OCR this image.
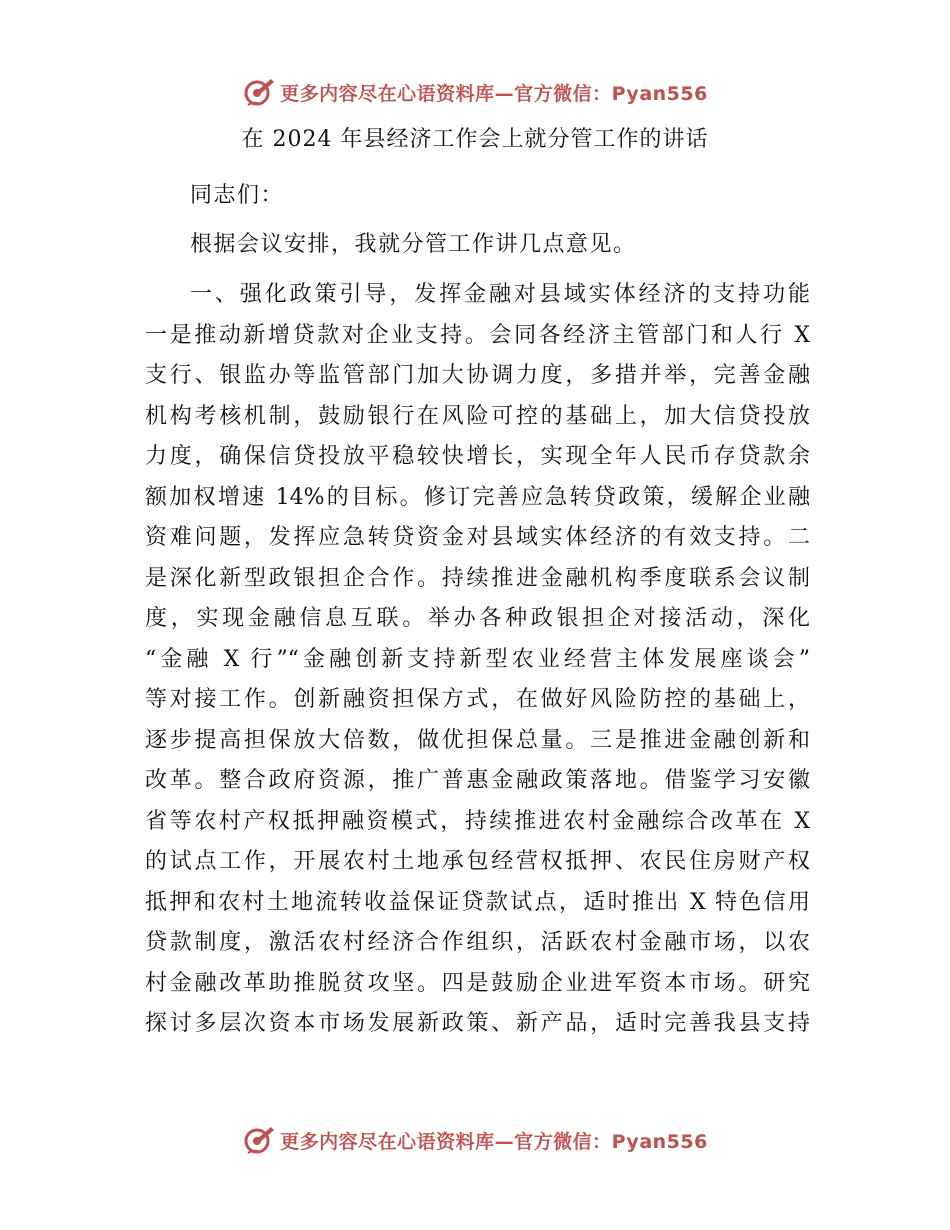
更多内容尽在心语资料库—官方微信：Pyan556
在 2024 年县经济工作会上就分管工作的讲话

同志们：

根据会议安排，我就分管工作讲几点意见。

一、强化政策引导，发挥金融对县域实体经济的支持功能
一是推动新增贷款对企业支持。会同各经济主管部门和人行 X
支行、银监办等监管部门加大协调力度，多措并举，完善金融
机构考核机制，鼓励银行在风险可控的基础上，加大信贷投放
力度，确保信贷投放平稳较快增长，实现全年人民币存贷款余
额加权增速 14%的目标。修订完善应急转贷政策，缓解企业融
资难问题，发挥应急转贷资金对县域实体经济的有效支持。二
是深化新型政银担企合作。持续推进金融机构季度联系会议制
度，实现金融信息互联。举办各种政银担企对接活动，深化
“金融 X 行”“金融创新支持新型农业经营主体发展座谈会”
等对接工作。创新融资担保方式，在做好风险防控的基础上，
逐步提高担保放大倍数，做优担保总量。三是推进金融创新和
改革。整合政府资源，推广普惠金融政策落地。借鉴学习安徽
省等农村产权抵押融资模式，持续推进农村金融综合改革在 X
的试点工作，开展农村土地承包经营权抵押、农民住房财产权
抵押和农村土地流转收益保证贷款试点，适时推出 X 特色信用
贷款制度，激活农村经济合作组织，活跃农村金融市场，以农
村金融改革助推脱贫攻坚。四是鼓励企业进军资本市场。研究
探讨多层次资本市场发展新政策、新产品，适时完善我县支持
更多内容尽在心语资料库—官方微信：Pyan556
